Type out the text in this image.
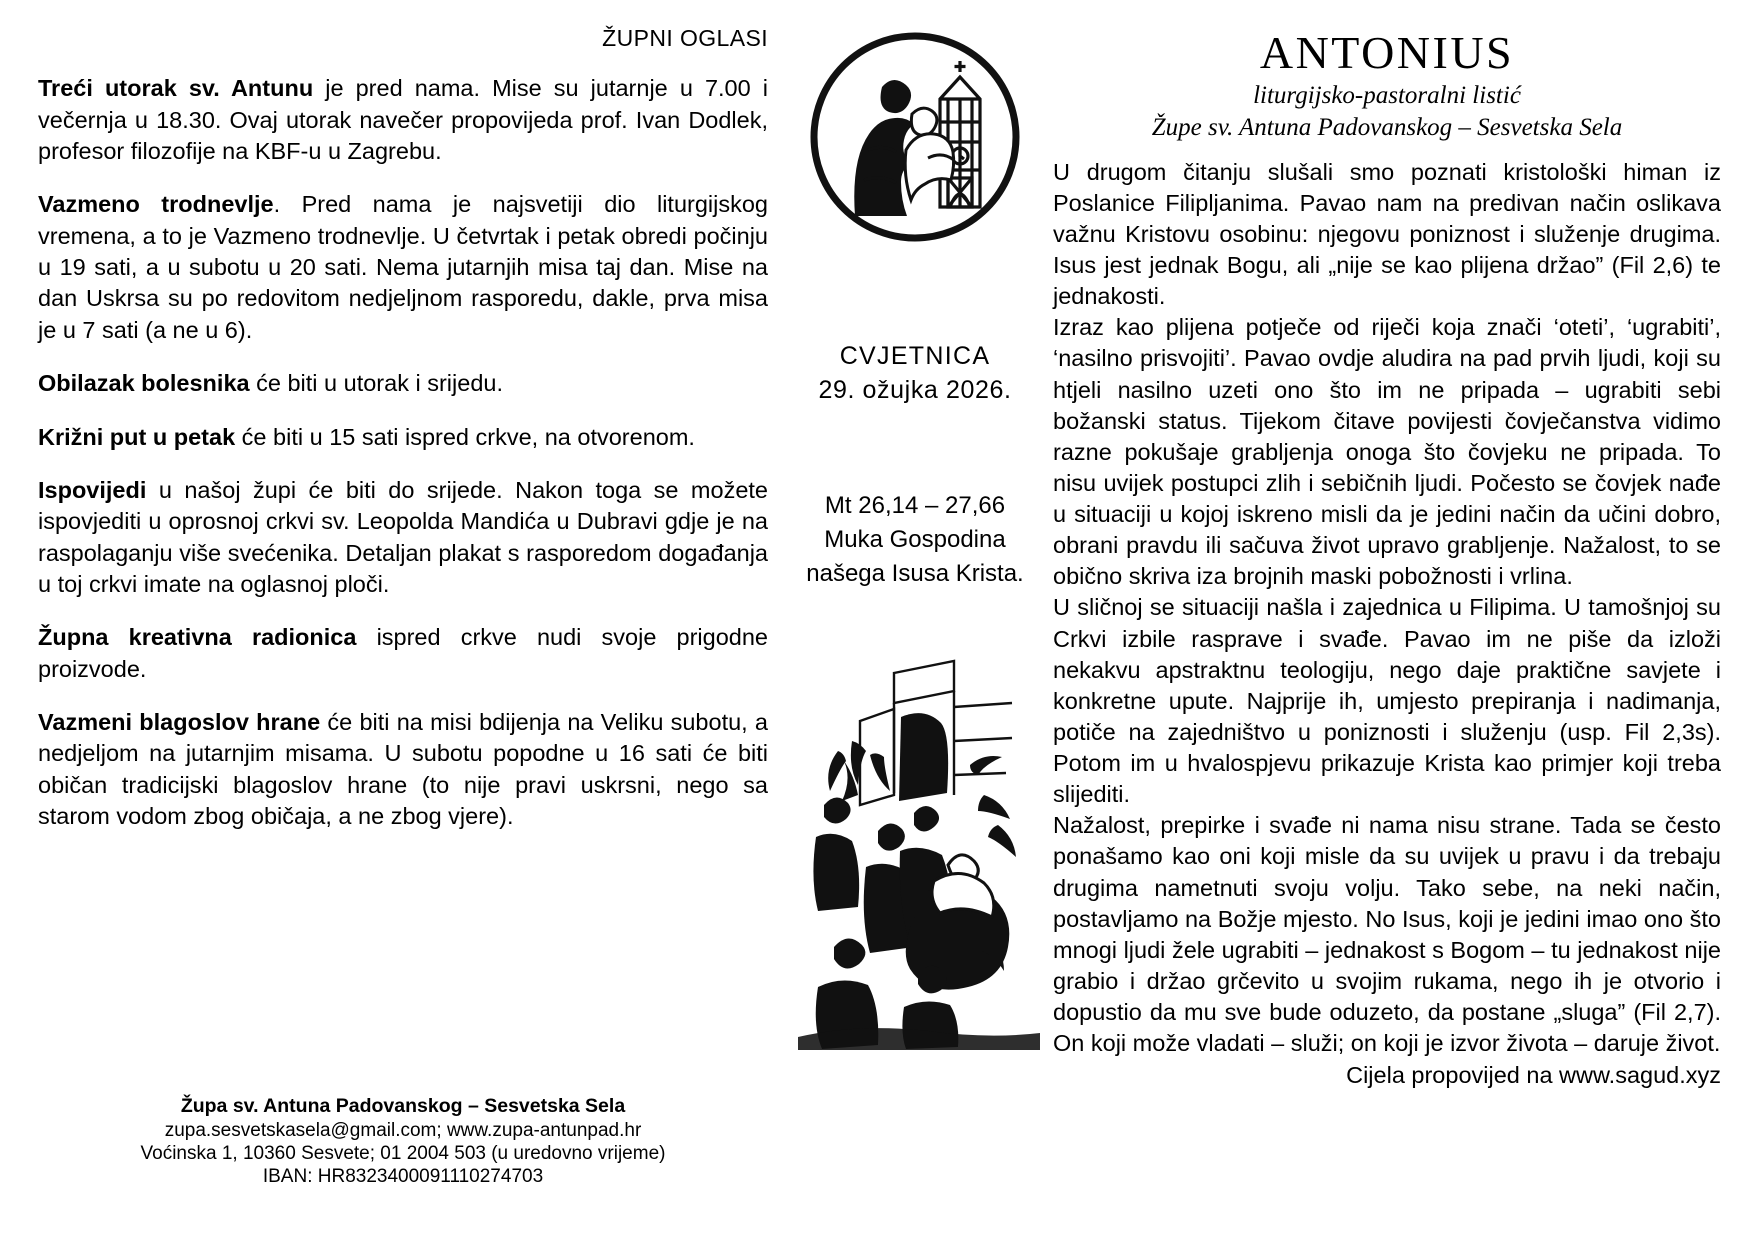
ŽUPNI OGLASI

Treći utorak sv. Antunu je pred nama. Mise su jutarnje u 7.00 i večernja u 18.30. Ovaj utorak navečer propovijeda prof. Ivan Dodlek, profesor filozofije na KBF-u u Zagrebu.

Vazmeno trodnevlje. Pred nama je najsvetiji dio liturgijskog vremena, a to je Vazmeno trodnevlje. U četvrtak i petak obredi počinju u 19 sati, a u subotu u 20 sati. Nema jutarnjih misa taj dan. Mise na dan Uskrsa su po redovitom nedjeljnom rasporedu, dakle, prva misa je u 7 sati (a ne u 6).

Obilazak bolesnika će biti u utorak i srijedu.

Križni put u petak će biti u 15 sati ispred crkve, na otvorenom.

Ispovijedi u našoj župi će biti do srijede. Nakon toga se možete ispovjediti u oprosnoj crkvi sv. Leopolda Mandića u Dubravi gdje je na raspolaganju više svećenika. Detaljan plakat s rasporedom događanja u toj crkvi imate na oglasnoj ploči.

Župna kreativna radionica ispred crkve nudi svoje prigodne proizvode.

Vazmeni blagoslov hrane će biti na misi bdijenja na Veliku subotu, a nedjeljom na jutarnjim misama. U subotu popodne u 16 sati će biti običan tradicijski blagoslov hrane (to nije pravi uskrsni, nego sa starom vodom zbog običaja, a ne zbog vjere).

Župa sv. Antuna Padovanskog – Sesvetska Sela
zupa.sesvetskasela@gmail.com; www.zupa-antunpad.hr
Voćinska 1, 10360 Sesvete; 01 2004 503 (u uredovno vrijeme)
IBAN: HR8323400091110274703
CVJETNICA
29. ožujka 2026.
Mt 26,14 – 27,66
Muka Gospodina
našega Isusa Krista.
ANTONIUS
liturgijsko-pastoralni listić
Župe sv. Antuna Padovanskog – Sesvetska Sela

U drugom čitanju slušali smo poznati kristološki himan iz Poslanice Filipljanima. Pavao nam na predivan način oslikava važnu Kristovu osobinu: njegovu poniznost i služenje drugima. Isus jest jednak Bogu, ali „nije se kao plijena držao” (Fil 2,6) te jednakosti.

Izraz kao plijena potječe od riječi koja znači ‘oteti’, ‘ugrabiti’, ‘nasilno prisvojiti’. Pavao ovdje aludira na pad prvih ljudi, koji su htjeli nasilno uzeti ono što im ne pripada – ugrabiti sebi božanski status. Tijekom čitave povijesti čovječanstva vidimo razne pokušaje grabljenja onoga što čovjeku ne pripada. To nisu uvijek postupci zlih i sebičnih ljudi. Počesto se čovjek nađe u situaciji u kojoj iskreno misli da je jedini način da učini dobro, obrani pravdu ili sačuva život upravo grabljenje. Nažalost, to se obično skriva iza brojnih maski pobožnosti i vrlina.

U sličnoj se situaciji našla i zajednica u Filipima. U tamošnjoj su Crkvi izbile rasprave i svađe. Pavao im ne piše da izloži nekakvu apstraktnu teologiju, nego daje praktične savjete i konkretne upute. Najprije ih, umjesto prepiranja i nadimanja, potiče na zajedništvo u poniznosti i služenju (usp. Fil 2,3s). Potom im u hvalospjevu prikazuje Krista kao primjer koji treba slijediti.

Nažalost, prepirke i svađe ni nama nisu strane. Tada se često ponašamo kao oni koji misle da su uvijek u pravu i da trebaju drugima nametnuti svoju volju. Tako sebe, na neki način, postavljamo na Božje mjesto. No Isus, koji je jedini imao ono što mnogi ljudi žele ugrabiti – jednakost s Bogom – tu jednakost nije grabio i držao grčevito u svojim rukama, nego ih je otvorio i dopustio da mu sve bude oduzeto, da postane „sluga” (Fil 2,7). On koji može vladati – služi; on koji je izvor života – daruje život.

Cijela propovijed na www.sagud.xyz
